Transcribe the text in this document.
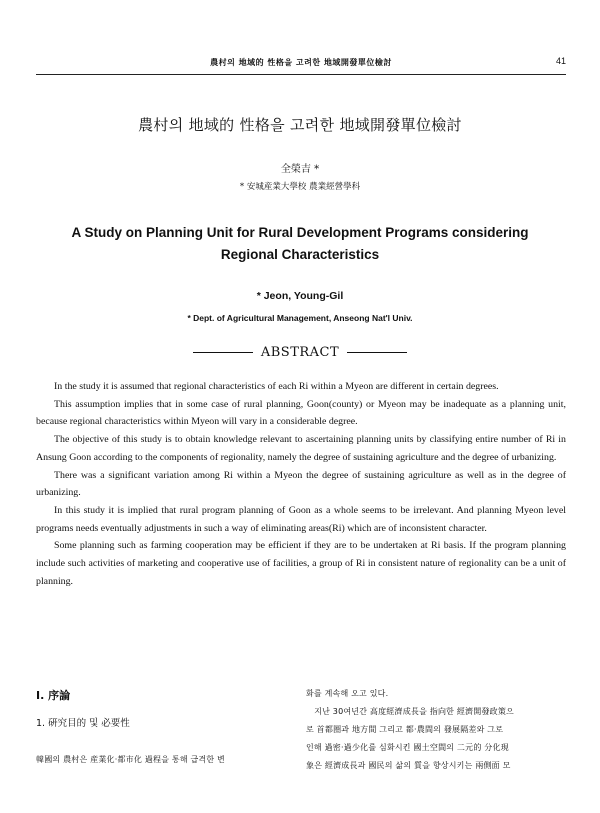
農村의 地域的 性格을 고려한 地域開發單位檢討	41
農村의 地域的 性格을 고려한 地域開發單位檢討
全榮吉 *
* 安城産業大學校 農業經營學科
A Study on Planning Unit for Rural Development Programs considering Regional Characteristics
* Jeon, Young-Gil
* Dept. of Agricultural Management, Anseong Nat'l Univ.
ABSTRACT

In the study it is assumed that regional characteristics of each Ri within a Myeon are different in certain degrees.

This assumption implies that in some case of rural planning, Goon(county) or Myeon may be inadequate as a planning unit, because regional characteristics within Myeon will vary in a considerable degree.

The objective of this study is to obtain knowledge relevant to ascertaining planning units by classifying entire number of Ri in Ansung Goon according to the components of regionality, namely the degree of sustaining agriculture and the degree of urbanizing.

There was a significant variation among Ri within a Myeon the degree of sustaining agriculture as well as in the degree of urbanizing.

In this study it is implied that rural program planning of Goon as a whole seems to be irrelevant. And planning Myeon level programs needs eventually adjustments in such a way of eliminating areas(Ri) which are of inconsistent character.

Some planning such as farming cooperation may be efficient if they are to be undertaken at Ri basis. If the program planning include such activities of marketing and cooperative use of facilities, a group of Ri in consistent nature of regionality can be a unit of planning.

Ⅰ. 序論
1. 硏究目的 및 必要性
韓國의 農村은 産業化·都市化 過程을 통해 급격한 변

화를 계속해 오고 있다.

　지난 30여년간 高度經濟成長을 指向한 經濟開發政策으

로 首都圈과 地方間 그리고 都·農間의 發展隔差와 그로

인해 過密·過少化를 심화시킨 國土空間의 二元的 分化現

象은 經濟成長과 國民의 삶의 質을 향상시키는 兩側面 모
